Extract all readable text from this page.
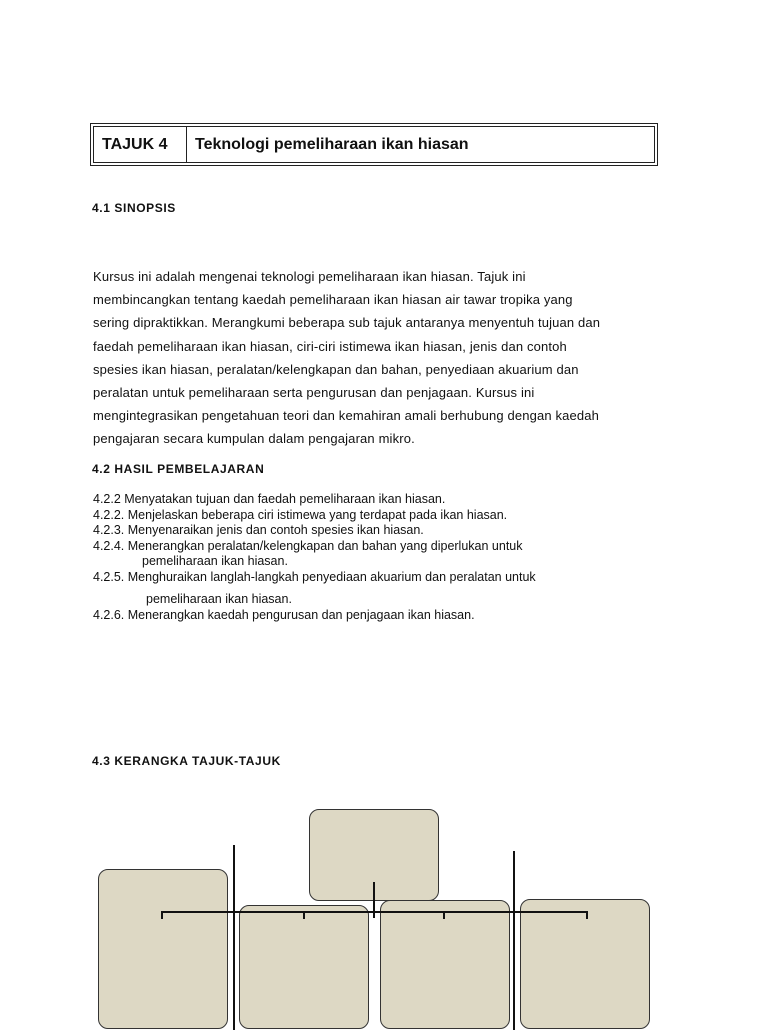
TAJUK 4 Teknologi pemeliharaan ikan hiasan
4.1 SINOPSIS

Kursus ini adalah mengenai teknologi pemeliharaan ikan hiasan. Tajuk ini

membincangkan tentang kaedah pemeliharaan ikan hiasan air tawar tropika yang

sering dipraktikkan. Merangkumi beberapa sub tajuk antaranya menyentuh tujuan dan

faedah pemeliharaan ikan hiasan, ciri-ciri istimewa ikan hiasan, jenis dan contoh

spesies ikan hiasan, peralatan/kelengkapan dan bahan, penyediaan akuarium dan

peralatan untuk pemeliharaan serta pengurusan dan penjagaan. Kursus ini

mengintegrasikan pengetahuan teori dan kemahiran amali berhubung dengan kaedah

pengajaran secara kumpulan dalam pengajaran mikro.

4.2 HASIL PEMBELAJARAN
4.2.2 Menyatakan tujuan dan faedah pemeliharaan ikan hiasan.
4.2.2. Menjelaskan beberapa ciri istimewa yang terdapat pada ikan hiasan.
4.2.3. Menyenaraikan jenis dan contoh spesies ikan hiasan.
4.2.4. Menerangkan peralatan/kelengkapan dan bahan yang diperlukan untuk
pemeliharaan ikan hiasan.
4.2.5. Menghuraikan langlah-langkah penyediaan akuarium dan peralatan untuk
pemeliharaan ikan hiasan.
4.2.6. Menerangkan kaedah pengurusan dan penjagaan ikan hiasan.
4.3 KERANGKA TAJUK-TAJUK
